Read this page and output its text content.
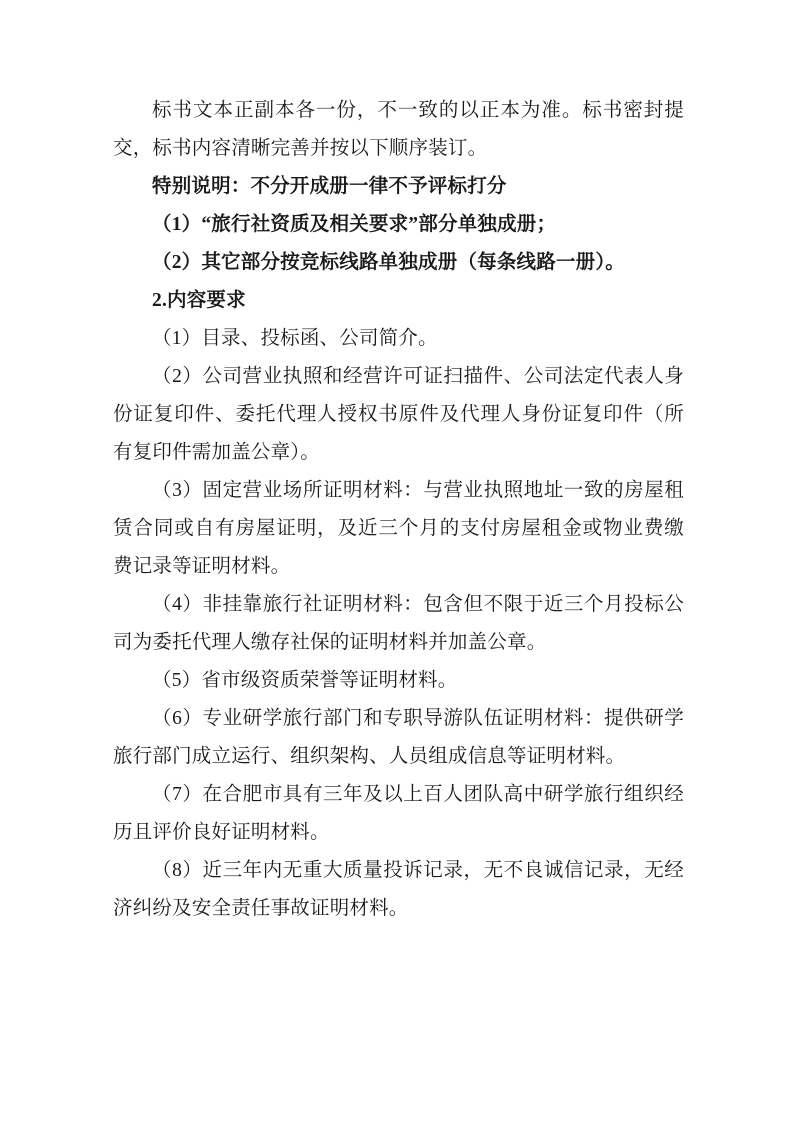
标书文本正副本各一份，不一致的以正本为准。标书密封提交，标书内容清晰完善并按以下顺序装订。

特别说明：不分开成册一律不予评标打分

（1）“旅行社资质及相关要求”部分单独成册；

（2）其它部分按竞标线路单独成册（每条线路一册）。

2.内容要求

（1）目录、投标函、公司简介。

（2）公司营业执照和经营许可证扫描件、公司法定代表人身份证复印件、委托代理人授权书原件及代理人身份证复印件（所有复印件需加盖公章）。

（3）固定营业场所证明材料：与营业执照地址一致的房屋租赁合同或自有房屋证明，及近三个月的支付房屋租金或物业费缴费记录等证明材料。

（4）非挂靠旅行社证明材料：包含但不限于近三个月投标公司为委托代理人缴存社保的证明材料并加盖公章。

（5）省市级资质荣誉等证明材料。

（6）专业研学旅行部门和专职导游队伍证明材料：提供研学旅行部门成立运行、组织架构、人员组成信息等证明材料。

（7）在合肥市具有三年及以上百人团队高中研学旅行组织经历且评价良好证明材料。

（8）近三年内无重大质量投诉记录，无不良诚信记录，无经济纠纷及安全责任事故证明材料。
